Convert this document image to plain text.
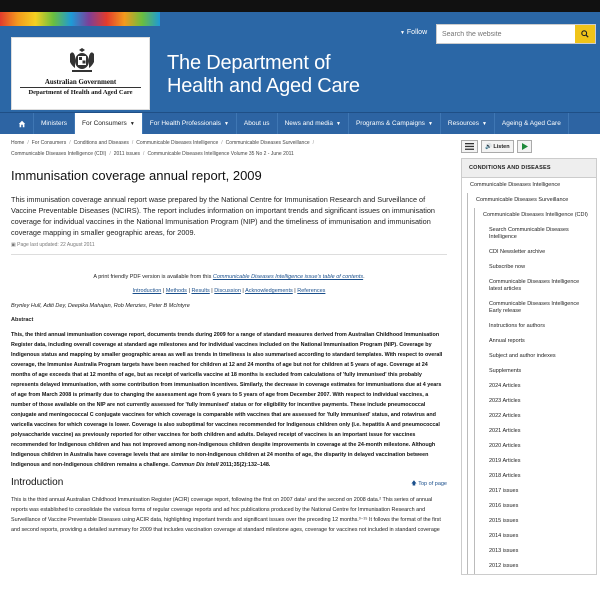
Australian Government
Department of Health and Aged Care
The Department of
Health and Aged Care
▼ Follow
Search the website
Ministers For Consumers ▼ For Health Professionals ▼ About us News and media ▼ Programs & Campaigns ▼ Resources ▼ Ageing & Aged Care
Home / For Consumers / Conditions and Diseases / Communicable Diseases Intelligence / Communicable Diseases Surveillance /
Communicable Diseases Intelligence (CDI) / 2011 issues / Communicable Diseases Intelligence Volume 35 No 2 - June 2011
Immunisation coverage annual report, 2009

This immunisation coverage annual report wase prepared by the National Centre for Immunisation Research and Surveillance of Vaccine Preventable Diseases (NCIRS). The report includes information on important trends and significant issues on immunisation coverage for individual vaccines in the National Immunisation Program (NIP) and the timeliness of immunisation and immunisation coverage mapping in smaller geographic areas, for 2009.

▣ Page last updated: 22 August 2011
A print friendly PDF version is available from this Communicable Diseases Intelligence issue's table of contents.
Introduction | Methods | Results | Discussion | Acknowledgements | References
Brynley Hull, Aditi Dey, Deepika Mahajan, Rob Menzies, Peter B McIntyre
Abstract

This, the third annual immunisation coverage report, documents trends during 2009 for a range of standard measures derived from Australian Childhood Immunisation Register data, including overall coverage at standard age milestones and for individual vaccines included on the National Immunisation Program (NIP). Coverage by Indigenous status and mapping by smaller geographic areas as well as trends in timeliness is also summarised according to standard templates. With respect to overall coverage, the Immunise Australia Program targets have been reached for children at 12 and 24 months of age but not for children at 5 years of age. Coverage at 24 months of age exceeds that at 12 months of age, but as receipt of varicella vaccine at 18 months is excluded from calculations of 'fully immunised' this probably represents delayed immunisation, with some contribution from immunisation incentives. Similarly, the decrease in coverage estimates for immunisations due at 4 years of age from March 2008 is primarily due to changing the assessment age from 6 years to 5 years of age from December 2007. With respect to individual vaccines, a number of those available on the NIP are not currently assessed for 'fully immunised' status or for eligibility for incentive payments. These include pneumococcal conjugate and meningococcal C conjugate vaccines for which coverage is comparable with vaccines that are assessed for 'fully immunised' status, and rotavirus and varicella vaccines for which coverage is lower. Coverage is also suboptimal for vaccines recommended for Indigenous children only (i.e. hepatitis A and pneumococcal polysaccharide vaccine) as previously reported for other vaccines for both children and adults. Delayed receipt of vaccines is an important issue for vaccines recommended for Indigenous children and has not improved among non-Indigenous children despite improvements in coverage at the 24-month milestone. Although Indigenous children in Australia have coverage levels that are similar to non-Indigenous children at 24 months of age, the disparity in delayed vaccination between Indigenous and non-Indigenous children remains a challenge. Commun Dis Intell 2011;35(2):132–148.

Introduction	🡅 Top of page

This is the third annual Australian Childhood Immunisation Register (ACIR) coverage report, following the first on 2007 data¹ and the second on 2008 data.² This series of annual reports was established to consolidate the various forms of regular coverage reports and ad hoc publications produced by the National Centre for Immunisation Research and Surveillance of Vaccine Preventable Diseases using ACIR data, highlighting important trends and significant issues over the preceding 12 months.³⁻¹⁵ It follows the format of the first and second reports, providing a detailed summary for 2009 that includes vaccination coverage at standard milestone ages, coverage for vaccines not included in standard coverage

🔊
Listen
CONDITIONS AND DISEASES
Communicable Diseases Intelligence
Communicable Diseases Surveillance
Communicable Diseases Intelligence (CDI)
Search Communicable Diseases Intelligence
CDI Newsletter archive
Subscribe now
Communicable Diseases Intelligence latest articles
Communicable Diseases Intelligence Early release
Instructions for authors
Annual reports
Subject and author indexes
Supplements
2024 Articles
2023 Articles
2022 Articles
2021 Articles
2020 Articles
2019 Articles
2018 Articles
2017 issues
2016 issues
2015 issues
2014 issues
2013 issues
2012 issues
